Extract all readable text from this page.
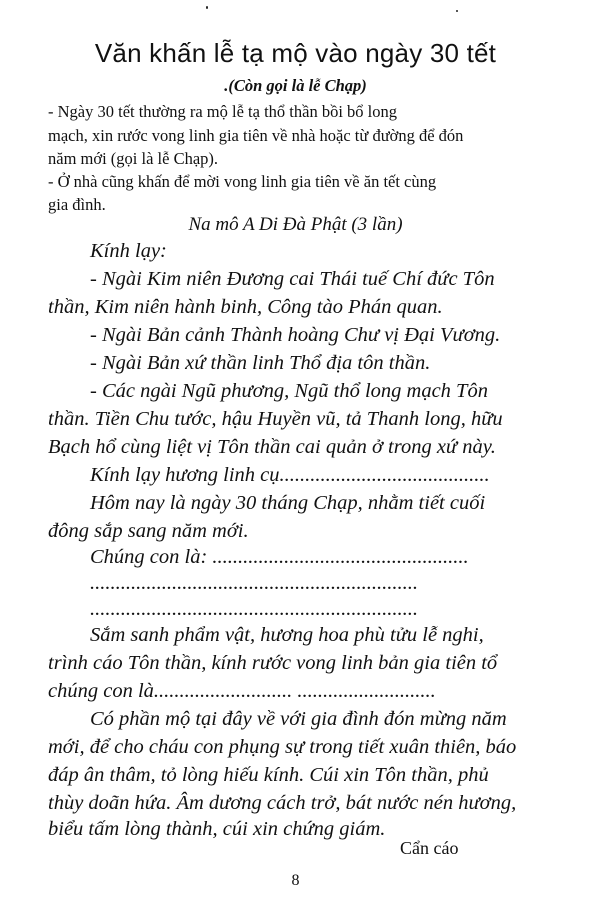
Văn khấn lễ tạ mộ vào ngày 30 tết
.(Còn gọi là lễ Chạp)
- Ngày 30 tết thường ra mộ lễ tạ thổ thần bồi bổ long
mạch, xin rước vong linh gia tiên về nhà hoặc từ đường để đón
năm mới (gọi là lễ Chạp).
- Ở nhà cũng khấn để mời vong linh gia tiên về ăn tết cùng
gia đình.
Na mô A Di Đà Phật (3 lần)
Kính lạy:
- Ngài Kim niên Đương cai Thái tuế Chí đức Tôn
thần, Kim niên hành binh, Công tào Phán quan.
- Ngài Bản cảnh Thành hoàng Chư vị Đại Vương.
- Ngài Bản xứ thần linh Thổ địa tôn thần.
- Các ngài Ngũ phương, Ngũ thổ long mạch Tôn
thần. Tiền Chu tước, hậu Huyền vũ, tả Thanh long, hữu
Bạch hổ cùng liệt vị Tôn thần cai quản ở trong xứ này.
Kính lạy hương linh cụ.........................................
Hôm nay là ngày 30 tháng Chạp, nhằm tiết cuối
đông sắp sang năm mới.
Chúng con là: ..................................................
................................................................
................................................................
Sắm sanh phẩm vật, hương hoa phù tửu lễ nghi,
trình cáo Tôn thần, kính rước vong linh bản gia tiên tổ
chúng con là........................... ...........................
Có phần mộ tại đây về với gia đình đón mừng năm
mới, để cho cháu con phụng sự trong tiết xuân thiên, báo
đáp ân thâm, tỏ lòng hiếu kính. Cúi xin Tôn thần, phủ
thùy doãn hứa. Âm dương cách trở, bát nước nén hương,
biểu tấm lòng thành, cúi xin chứng giám.
Cẩn cáo
8
